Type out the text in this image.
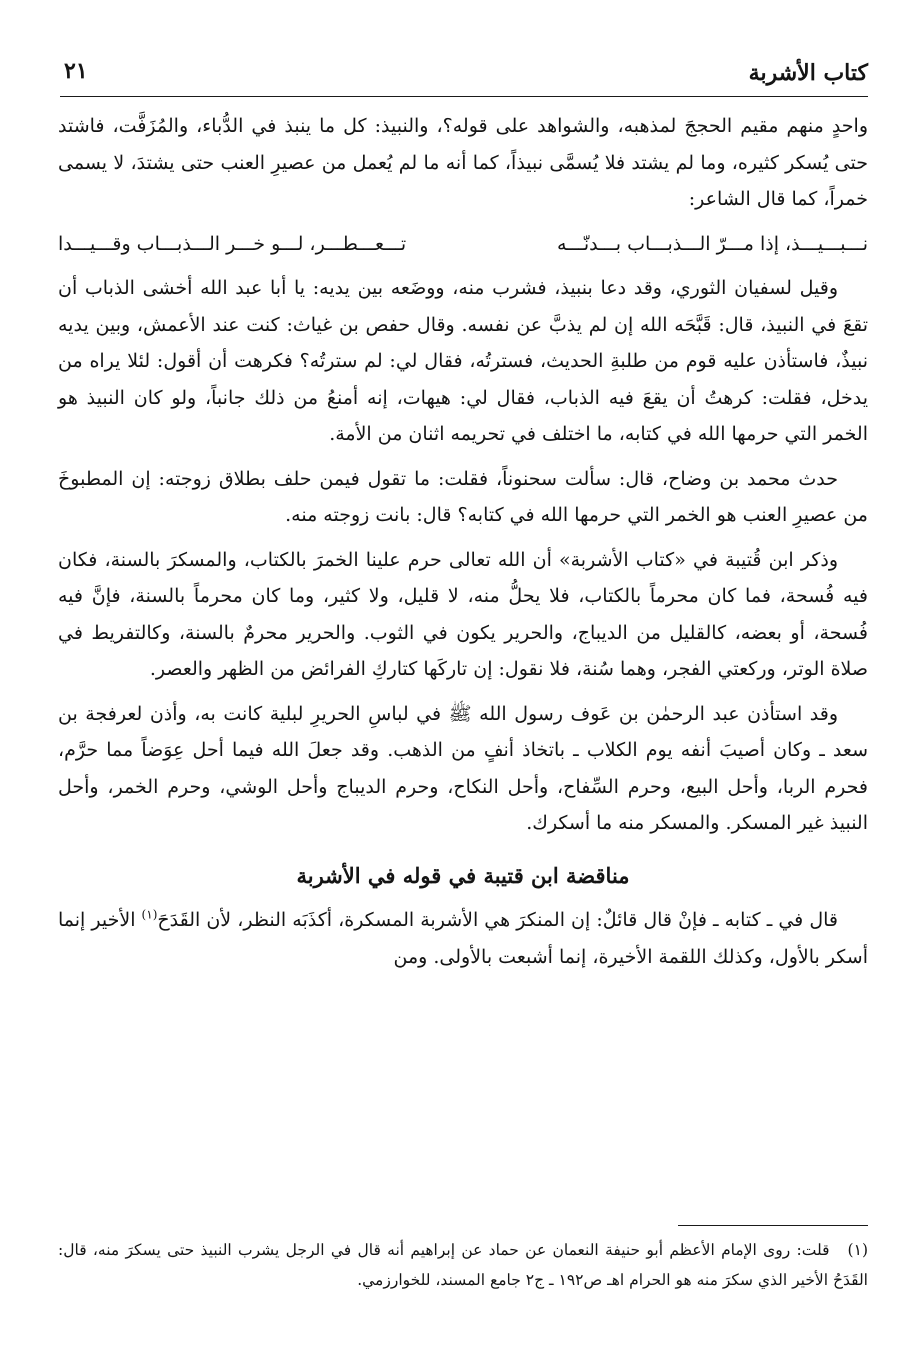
كتاب الأشربة
٢١

واحدٍ منهم مقيم الحججَ لمذهبه، والشواهد على قوله؟، والنبيذ: كل ما ينبذ في الدُّباء، والمُزَفَّت، فاشتد حتى يُسكر كثيره، وما لم يشتد فلا يُسمَّى نبيذاً، كما أنه ما لم يُعمل من عصيرِ العنب حتى يشتدَ، لا يسمى خمراً، كما قال الشاعر:

نـــبـــيـــذ، إذا مـــرّ الـــذبـــاب بـــدنّـــه
تـــعـــطـــر، لـــو خـــر الـــذبـــاب وقـــيـــدا

وقيل لسفيان الثوري، وقد دعا بنبيذ، فشرب منه، ووضَعه بين يديه: يا أبا عبد الله أخشى الذباب أن تقعَ في النبيذ، قال: قَبَّحَه الله إن لم يذبَّ عن نفسه. وقال حفص بن غياث: كنت عند الأعمش، وبين يديه نبيذٌ، فاستأذن عليه قوم من طلبةِ الحديث، فسترتُه، فقال لي: لم سترتُه؟ فكرهت أن أقول: لئلا يراه من يدخل، فقلت: كرهتُ أن يقعَ فيه الذباب، فقال لي: هيهات، إنه أمنعُ من ذلك جانباً، ولو كان النبيذ هو الخمر التي حرمها الله في كتابه، ما اختلف في تحريمه اثنان من الأمة.

حدث محمد بن وضاح، قال: سألت سحنوناً، فقلت: ما تقول فيمن حلف بطلاق زوجته: إن المطبوخَ من عصيرِ العنب هو الخمر التي حرمها الله في كتابه؟ قال: بانت زوجته منه.

وذكر ابن قُتيبة في «كتاب الأشربة» أن الله تعالى حرم علينا الخمرَ بالكتاب، والمسكرَ بالسنة، فكان فيه فُسحة، فما كان محرماً بالكتاب، فلا يحلُّ منه، لا قليل، ولا كثير، وما كان محرماً بالسنة، فإنَّ فيه فُسحة، أو بعضه، كالقليل من الديباج، والحرير يكون في الثوب. والحرير محرمٌ بالسنة، وكالتفريط في صلاة الوتر، وركعتي الفجر، وهما سُنة، فلا نقول: إن تاركَها كتاركِ الفرائض من الظهر والعصر.

وقد استأذن عبد الرحمٰن بن عَوف رسول الله ﷺ في لباسِ الحريرِ لبلية كانت به، وأذن لعرفجة بن سعد ـ وكان أصيبَ أنفه يوم الكلاب ـ باتخاذ أنفٍ من الذهب. وقد جعلَ الله فيما أحل عِوَضاً مما حرَّم، فحرم الربا، وأحل البيع، وحرم السِّفاح، وأحل النكاح، وحرم الديباج وأحل الوشي، وحرم الخمر، وأحل النبيذ غير المسكر. والمسكر منه ما أسكرك.

مناقضة ابن قتيبة في قوله في الأشربة

قال في ـ كتابه ـ فإنْ قال قائلٌ: إن المنكرَ هي الأشربة المسكرة، أكذَبَه النظر، لأن القَدَحَ$^{(١)}$ الأخير إنما أسكر بالأول، وكذلك اللقمة الأخيرة، إنما أشبعت بالأولى. ومن

(١)قلت: روى الإمام الأعظم أبو حنيفة النعمان عن حماد عن إبراهيم أنه قال في الرجل يشرب النبيذ حتى يسكرَ منه، قال: القَدَحُ الأخير الذي سكرَ منه هو الحرام اهـ ص١٩٢ ـ ج٢ جامع المسند، للخوارزمي.
